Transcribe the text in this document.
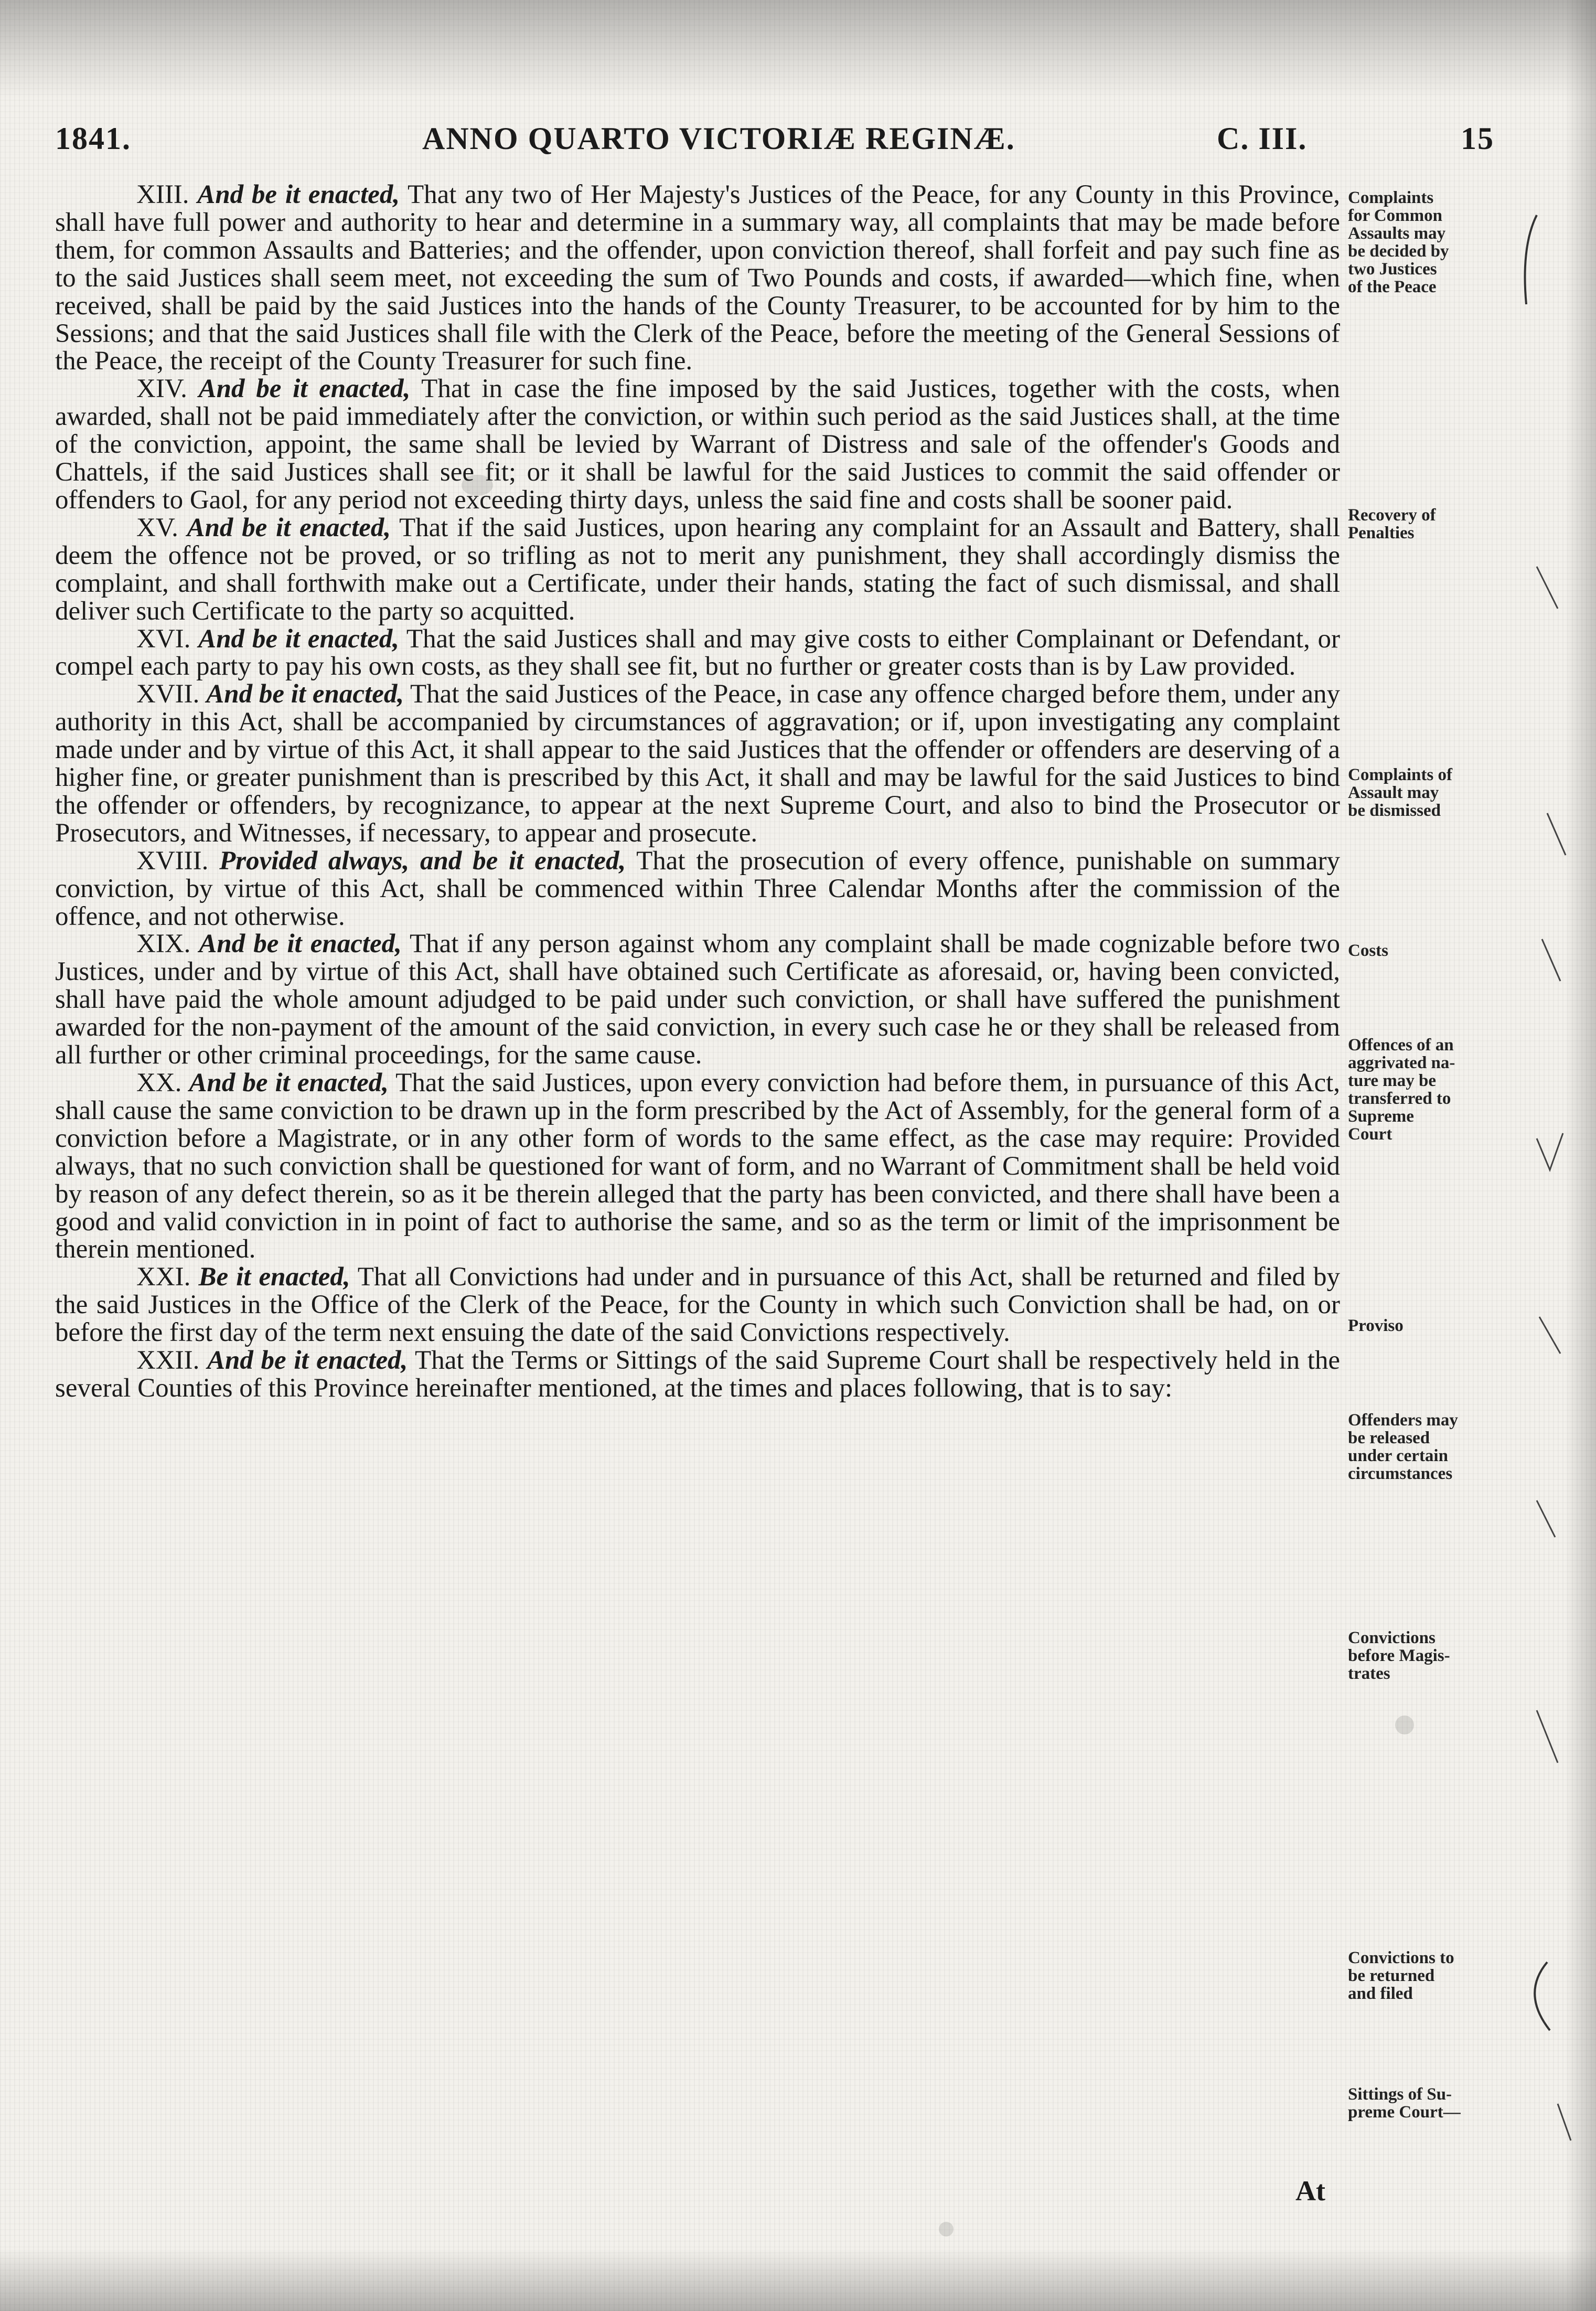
1841.	ANNO QUARTO VICTORIÆ REGINÆ.	C. III.	15

XIII. And be it enacted, That any two of Her Majesty's Justices of the Peace, for any County in this Province, shall have full power and authority to hear and determine in a summary way, all complaints that may be made before them, for common Assaults and Batteries; and the offender, upon conviction thereof, shall forfeit and pay such fine as to the said Justices shall seem meet, not exceeding the sum of Two Pounds and costs, if awarded—which fine, when received, shall be paid by the said Justices into the hands of the County Treasurer, to be accounted for by him to the Sessions; and that the said Justices shall file with the Clerk of the Peace, before the meeting of the General Sessions of the Peace, the receipt of the County Treasurer for such fine.

XIV. And be it enacted, That in case the fine imposed by the said Justices, together with the costs, when awarded, shall not be paid immediately after the conviction, or within such period as the said Justices shall, at the time of the conviction, appoint, the same shall be levied by Warrant of Distress and sale of the offender's Goods and Chattels, if the said Justices shall see fit; or it shall be lawful for the said Justices to commit the said offender or offenders to Gaol, for any period not exceeding thirty days, unless the said fine and costs shall be sooner paid.

XV. And be it enacted, That if the said Justices, upon hearing any complaint for an Assault and Battery, shall deem the offence not be proved, or so trifling as not to merit any punishment, they shall accordingly dismiss the complaint, and shall forthwith make out a Certificate, under their hands, stating the fact of such dismissal, and shall deliver such Certificate to the party so acquitted.

XVI. And be it enacted, That the said Justices shall and may give costs to either Complainant or Defendant, or compel each party to pay his own costs, as they shall see fit, but no further or greater costs than is by Law provided.

XVII. And be it enacted, That the said Justices of the Peace, in case any offence charged before them, under any authority in this Act, shall be accompanied by circumstances of aggravation; or if, upon investigating any complaint made under and by virtue of this Act, it shall appear to the said Justices that the offender or offenders are deserving of a higher fine, or greater punishment than is prescribed by this Act, it shall and may be lawful for the said Justices to bind the offender or offenders, by recognizance, to appear at the next Supreme Court, and also to bind the Prosecutor or Prosecutors, and Witnesses, if necessary, to appear and prosecute.

XVIII. Provided always, and be it enacted, That the prosecution of every offence, punishable on summary conviction, by virtue of this Act, shall be commenced within Three Calendar Months after the commission of the offence, and not otherwise.

XIX. And be it enacted, That if any person against whom any complaint shall be made cognizable before two Justices, under and by virtue of this Act, shall have obtained such Certificate as aforesaid, or, having been convicted, shall have paid the whole amount adjudged to be paid under such conviction, or shall have suffered the punishment awarded for the non-payment of the amount of the said conviction, in every such case he or they shall be released from all further or other criminal proceedings, for the same cause.

XX. And be it enacted, That the said Justices, upon every conviction had before them, in pursuance of this Act, shall cause the same conviction to be drawn up in the form prescribed by the Act of Assembly, for the general form of a conviction before a Magistrate, or in any other form of words to the same effect, as the case may require: Provided always, that no such conviction shall be questioned for want of form, and no Warrant of Commitment shall be held void by reason of any defect therein, so as it be therein alleged that the party has been convicted, and there shall have been a good and valid conviction in in point of fact to authorise the same, and so as the term or limit of the imprisonment be therein mentioned.

XXI. Be it enacted, That all Convictions had under and in pursuance of this Act, shall be returned and filed by the said Justices in the Office of the Clerk of the Peace, for the County in which such Conviction shall be had, on or before the first day of the term next ensuing the date of the said Convictions respectively.

XXII. And be it enacted, That the Terms or Sittings of the said Supreme Court shall be respectively held in the several Counties of this Province hereinafter mentioned, at the times and places following, that is to say:

Complaints
for Common
Assaults may
be decided by
two Justices
of the Peace
Recovery of
Penalties
Complaints of
Assault may
be dismissed
Costs
Offences of an
aggrivated na-
ture may be
transferred to
Supreme
Court
Proviso
Offenders may
be released
under certain
circumstances
Convictions
before Magis-
trates
Convictions to
be returned
and filed
Sittings of Su-
preme Court—
At
